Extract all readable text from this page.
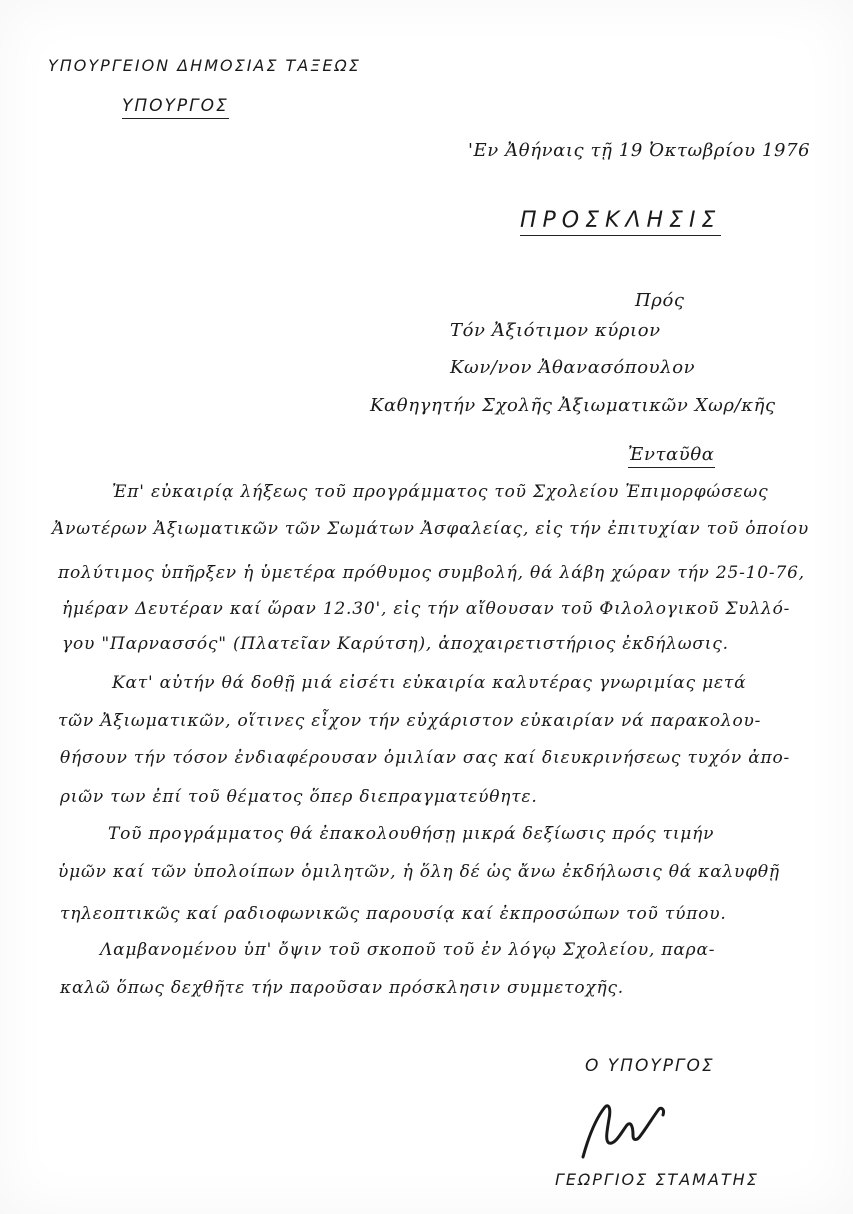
ΥΠΟΥΡΓΕΙΟΝ ΔΗΜΟΣΙΑΣ ΤΑΞΕΩΣ
ΥΠΟΥΡΓΟΣ
'Εν Ἀθήναις τῇ 19 Ὀκτωβρίου 1976
ΠΡΟΣΚΛΗΣΙΣ
Πρός
Τόν Ἀξιότιμον κύριον
Κων/νον Ἀθανασόπουλον
Καθηγητήν Σχολῆς Ἀξιωματικῶν Χωρ/κῆς
Ἐνταῦθα
Ἐπ' εὐκαιρίᾳ λήξεως τοῦ προγράμματος τοῦ Σχολείου Ἐπιμορφώσεως
Ἀνωτέρων Ἀξιωματικῶν τῶν Σωμάτων Ἀσφαλείας, εἰς τήν ἐπιτυχίαν τοῦ ὁποίου
πολύτιμος ὑπῆρξεν ἡ ὑμετέρα πρόθυμος συμβολή, θά λάβη χώραν τήν 25-10-76,
ἡμέραν Δευτέραν καί ὥραν 12.30', εἰς τήν αἴθουσαν τοῦ Φιλολογικοῦ Συλλό-
γου "Παρνασσός" (Πλατεῖαν Καρύτση), ἀποχαιρετιστήριος ἐκδήλωσις.
Κατ' αὐτήν θά δοθῇ μιά εἰσέτι εὐκαιρία καλυτέρας γνωριμίας μετά
τῶν Ἀξιωματικῶν, οἵτινες εἶχον τήν εὐχάριστον εὐκαιρίαν νά παρακολου-
θήσουν τήν τόσον ἐνδιαφέρουσαν ὁμιλίαν σας καί διευκρινήσεως τυχόν ἀπο-
ριῶν των ἐπί τοῦ θέματος ὅπερ διεπραγματεύθητε.
Τοῦ προγράμματος θά ἐπακολουθήσῃ μικρά δεξίωσις πρός τιμήν
ὑμῶν καί τῶν ὑπολοίπων ὁμιλητῶν, ἡ ὅλη δέ ὡς ἄνω ἐκδήλωσις θά καλυφθῇ
τηλεοπτικῶς καί ραδιοφωνικῶς παρουσίᾳ καί ἐκπροσώπων τοῦ τύπου.
Λαμβανομένου ὑπ' ὄψιν τοῦ σκοποῦ τοῦ ἐν λόγῳ Σχολείου, παρα-
καλῶ ὅπως δεχθῆτε τήν παροῦσαν πρόσκλησιν συμμετοχῆς.
Ο ΥΠΟΥΡΓΟΣ
ΓΕΩΡΓΙΟΣ ΣΤΑΜΑΤΗΣ
